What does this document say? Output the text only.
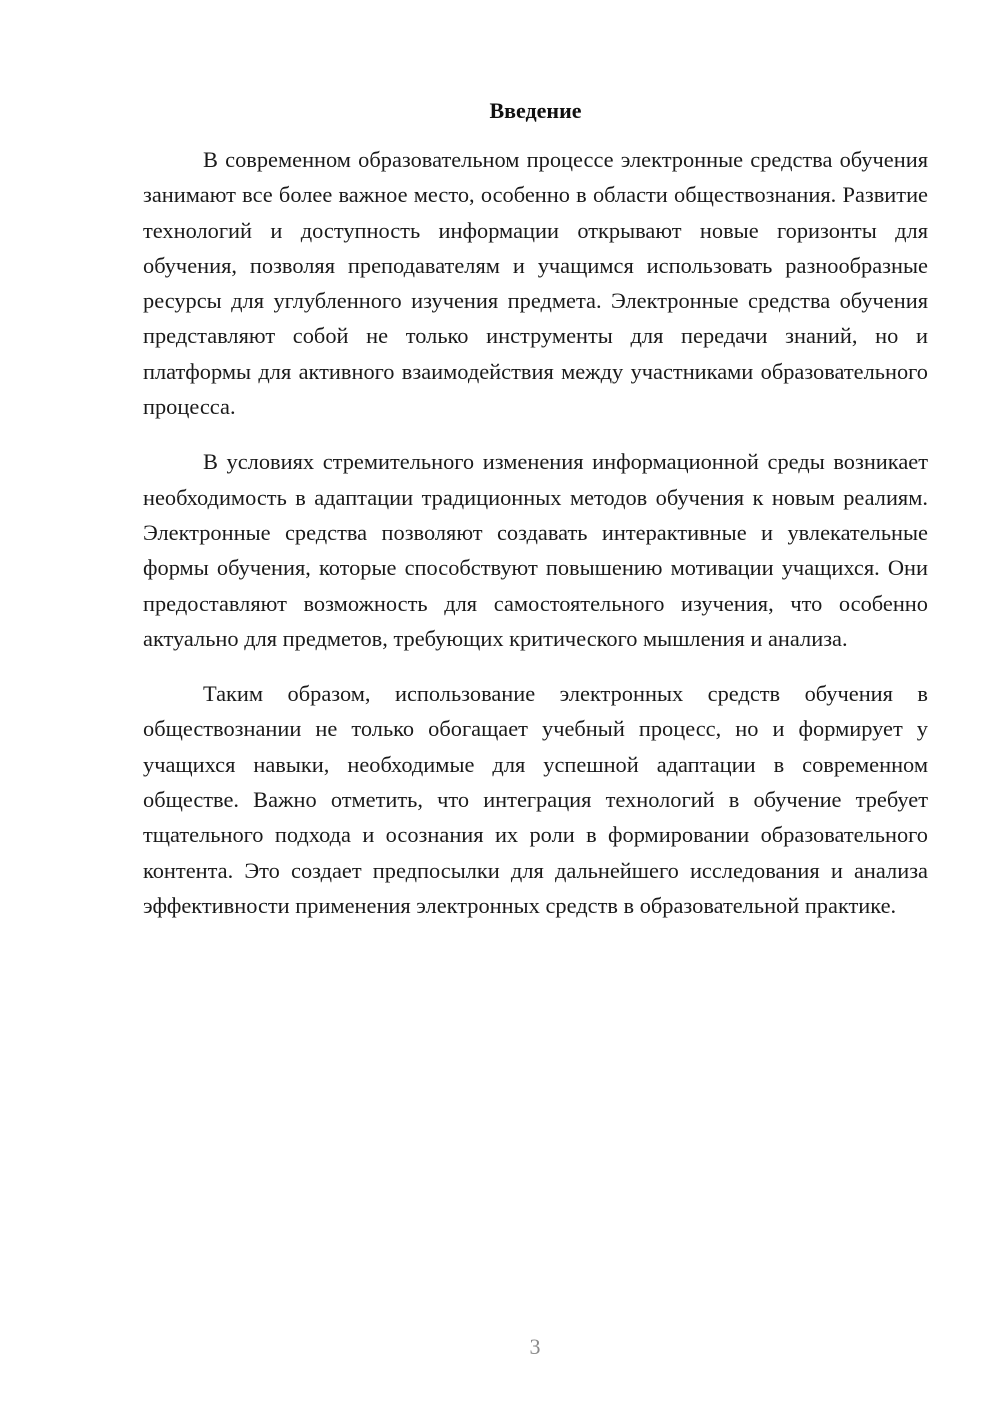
Введение

В современном образовательном процессе электронные средства обучения занимают все более важное место, особенно в области обществознания. Развитие технологий и доступность информации открывают новые горизонты для обучения, позволяя преподавателям и учащимся использовать разнообразные ресурсы для углубленного изучения предмета. Электронные средства обучения представляют собой не только инструменты для передачи знаний, но и платформы для активного взаимодействия между участниками образовательного процесса.

В условиях стремительного изменения информационной среды возникает необходимость в адаптации традиционных методов обучения к новым реалиям. Электронные средства позволяют создавать интерактивные и увлекательные формы обучения, которые способствуют повышению мотивации учащихся. Они предоставляют возможность для самостоятельного изучения, что особенно актуально для предметов, требующих критического мышления и анализа.

Таким образом, использование электронных средств обучения в обществознании не только обогащает учебный процесс, но и формирует у учащихся навыки, необходимые для успешной адаптации в современном обществе. Важно отметить, что интеграция технологий в обучение требует тщательного подхода и осознания их роли в формировании образовательного контента. Это создает предпосылки для дальнейшего исследования и анализа эффективности применения электронных средств в образовательной практике.

3
